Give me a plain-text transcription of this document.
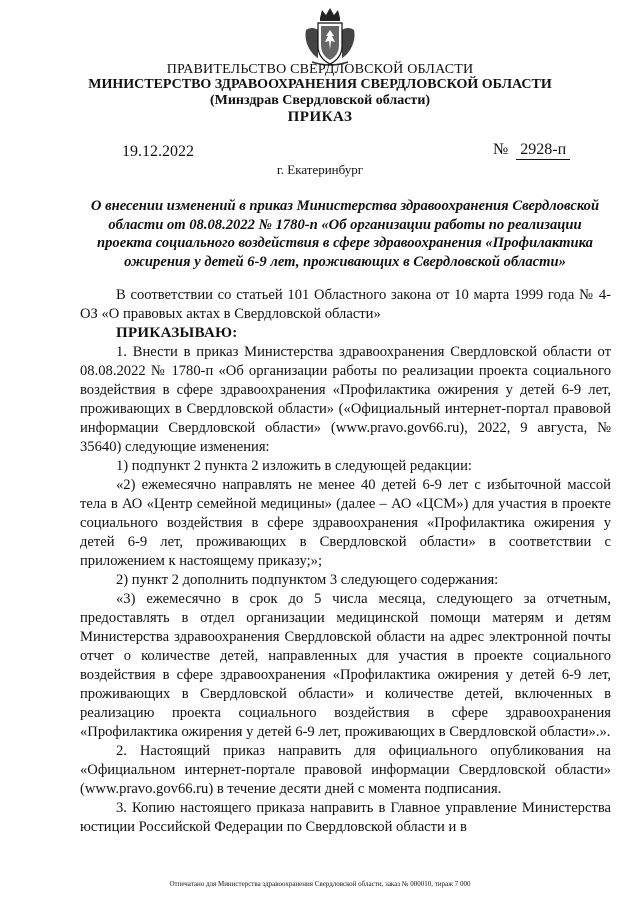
ПРАВИТЕЛЬСТВО СВЕРДЛОВСКОЙ ОБЛАСТИ
МИНИСТЕРСТВО ЗДРАВООХРАНЕНИЯ СВЕРДЛОВСКОЙ ОБЛАСТИ
(Минздрав Свердловской области)
ПРИКАЗ
19.12.2022	№ 2928-п
г. Екатеринбург
О внесении изменений в приказ Министерства здравоохранения Свердловской области от 08.08.2022 № 1780-п «Об организации работы по реализации проекта социального воздействия в сфере здравоохранения «Профилактика ожирения у детей 6-9 лет, проживающих в Свердловской области»

В соответствии со статьей 101 Областного закона от 10 марта 1999 года № 4-ОЗ «О правовых актах в Свердловской области»

ПРИКАЗЫВАЮ:

1. Внести в приказ Министерства здравоохранения Свердловской области от 08.08.2022 № 1780-п «Об организации работы по реализации проекта социального воздействия в сфере здравоохранения «Профилактика ожирения у детей 6-9 лет, проживающих в Свердловской области» («Официальный интернет-портал правовой информации Свердловской области» (www.pravo.gov66.ru), 2022, 9 августа, № 35640) следующие изменения:

1) подпункт 2 пункта 2 изложить в следующей редакции:

«2) ежемесячно направлять не менее 40 детей 6-9 лет с избыточной массой тела в АО «Центр семейной медицины» (далее – АО «ЦСМ») для участия в проекте социального воздействия в сфере здравоохранения «Профилактика ожирения у детей 6-9 лет, проживающих в Свердловской области» в соответствии с приложением к настоящему приказу;»;

2) пункт 2 дополнить подпунктом 3 следующего содержания:

«3) ежемесячно в срок до 5 числа месяца, следующего за отчетным, предоставлять в отдел организации медицинской помощи матерям и детям Министерства здравоохранения Свердловской области на адрес электронной почты отчет о количестве детей, направленных для участия в проекте социального воздействия в сфере здравоохранения «Профилактика ожирения у детей 6-9 лет, проживающих в Свердловской области» и количестве детей, включенных в реализацию проекта социального воздействия в сфере здравоохранения «Профилактика ожирения у детей 6-9 лет, проживающих в Свердловской области».».

2. Настоящий приказ направить для официального опубликования на «Официальном интернет-портале правовой информации Свердловской области» (www.pravo.gov66.ru) в течение десяти дней с момента подписания.

3. Копию настоящего приказа направить в Главное управление Министерства юстиции Российской Федерации по Свердловской области и в

Отпечатано для Министерства здравоохранения Свердловской области, заказ № 000010, тираж 7 000
